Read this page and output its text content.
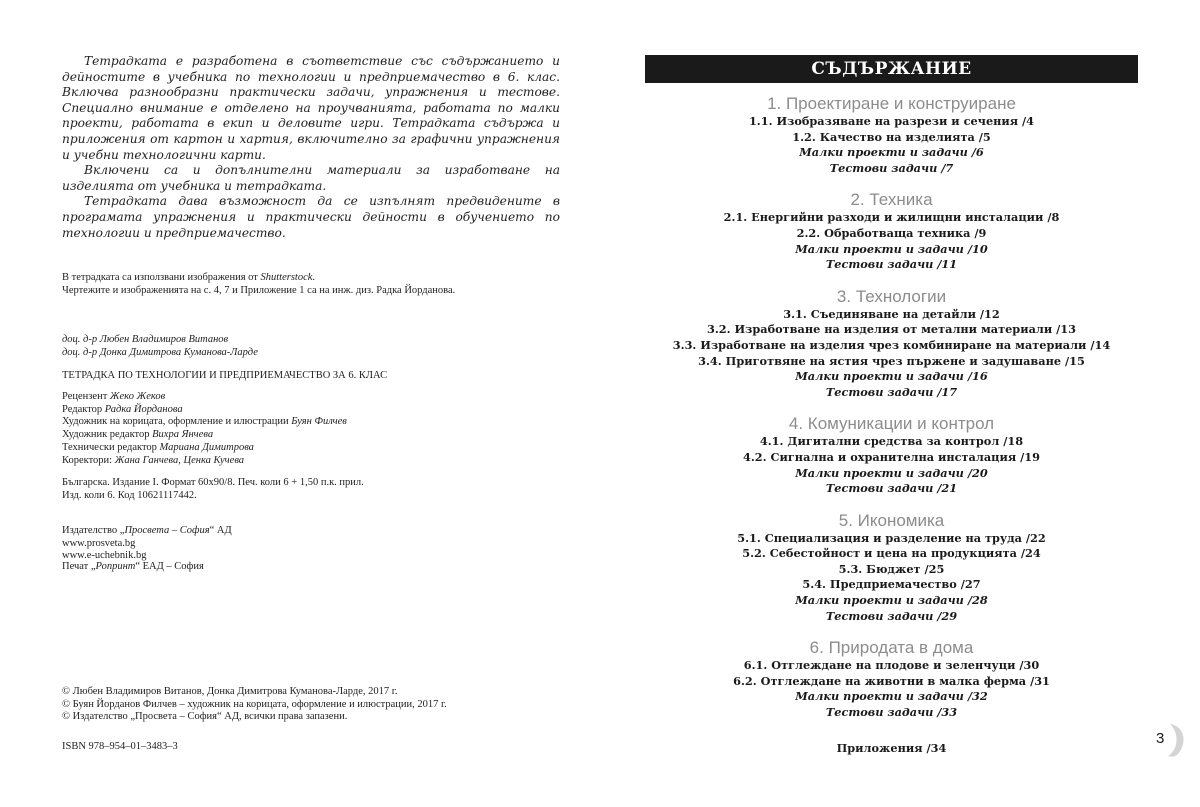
Тетрадката е разработена в съответствие със съдържанието и дейностите в учебника по технологии и предприемачество в 6. клас. Включва разнообразни практически задачи, упражнения и тестове. Специално внимание е отделено на проучванията, работата по малки проекти, работата в екип и деловите игри. Тетрадката съдържа и приложения от картон и хартия, включително за графични упражнения и учебни технологични карти.

Включени са и допълнителни материали за изработване на изделията от учебника и тетрадката.

Тетрадката дава възможност да се изпълнят предвидените в програмата упражнения и практически дейности в обучението по технологии и предприемачество.

В тетрадката са използвани изображения от Shutterstock.
Чертежите и изображенията на с. 4, 7 и Приложение 1 са на инж. диз. Радка Йорданова.
доц. д-р Любен Владимиров Витанов
доц. д-р Донка Димитрова Куманова-Ларде
ТЕТРАДКА ПО ТЕХНОЛОГИИ И ПРЕДПРИЕМАЧЕСТВО ЗА 6. КЛАС
Рецензент Жеко Жеков
Редактор Радка Йорданова
Художник на корицата, оформление и илюстрации Буян Филчев
Художник редактор Вихра Янчева
Технически редактор Мариана Димитрова
Коректори: Жана Ганчева, Ценка Кучева
Българска. Издание I. Формат 60x90/8. Печ. коли 6 + 1,50 п.к. прил.
Изд. коли 6. Код 10621117442.
Издателство „Просвета – София“ АД
www.prosveta.bg
www.e-uchebnik.bg
Печат „Ропринт“ ЕАД – София
© Любен Владимиров Витанов, Донка Димитрова Куманова-Ларде, 2017 г.
© Буян Йорданов Филчев – художник на корицата, оформление и илюстрации, 2017 г.
© Издателство „Просвета – София“ АД, всички права запазени.
ISBN 978–954–01–3483–3
СЪДЪРЖАНИЕ
1. Проектиране и конструиране
1.1. Изобразяване на разрези и сечения /4
1.2. Качество на изделията /5
Малки проекти и задачи /6
Тестови задачи /7
2. Техника
2.1. Енергийни разходи и жилищни инсталации /8
2.2. Обработваща техника /9
Малки проекти и задачи /10
Тестови задачи /11
3. Технологии
3.1. Съединяване на детайли /12
3.2. Изработване на изделия от метални материали /13
3.3. Изработване на изделия чрез комбиниране на материали /14
3.4. Приготвяне на ястия чрез пържене и задушаване /15
Малки проекти и задачи /16
Тестови задачи /17
4. Комуникации и контрол
4.1. Дигитални средства за контрол /18
4.2. Сигнална и охранителна инсталация /19
Малки проекти и задачи /20
Тестови задачи /21
5. Икономика
5.1. Специализация и разделение на труда /22
5.2. Себестойност и цена на продукцията /24
5.3. Бюджет /25
5.4. Предприемачество /27
Малки проекти и задачи /28
Тестови задачи /29
6. Природата в дома
6.1. Отглеждане на плодове и зеленчуци /30
6.2. Отглеждане на животни в малка ферма /31
Малки проекти и задачи /32
Тестови задачи /33
Приложения /34
3
